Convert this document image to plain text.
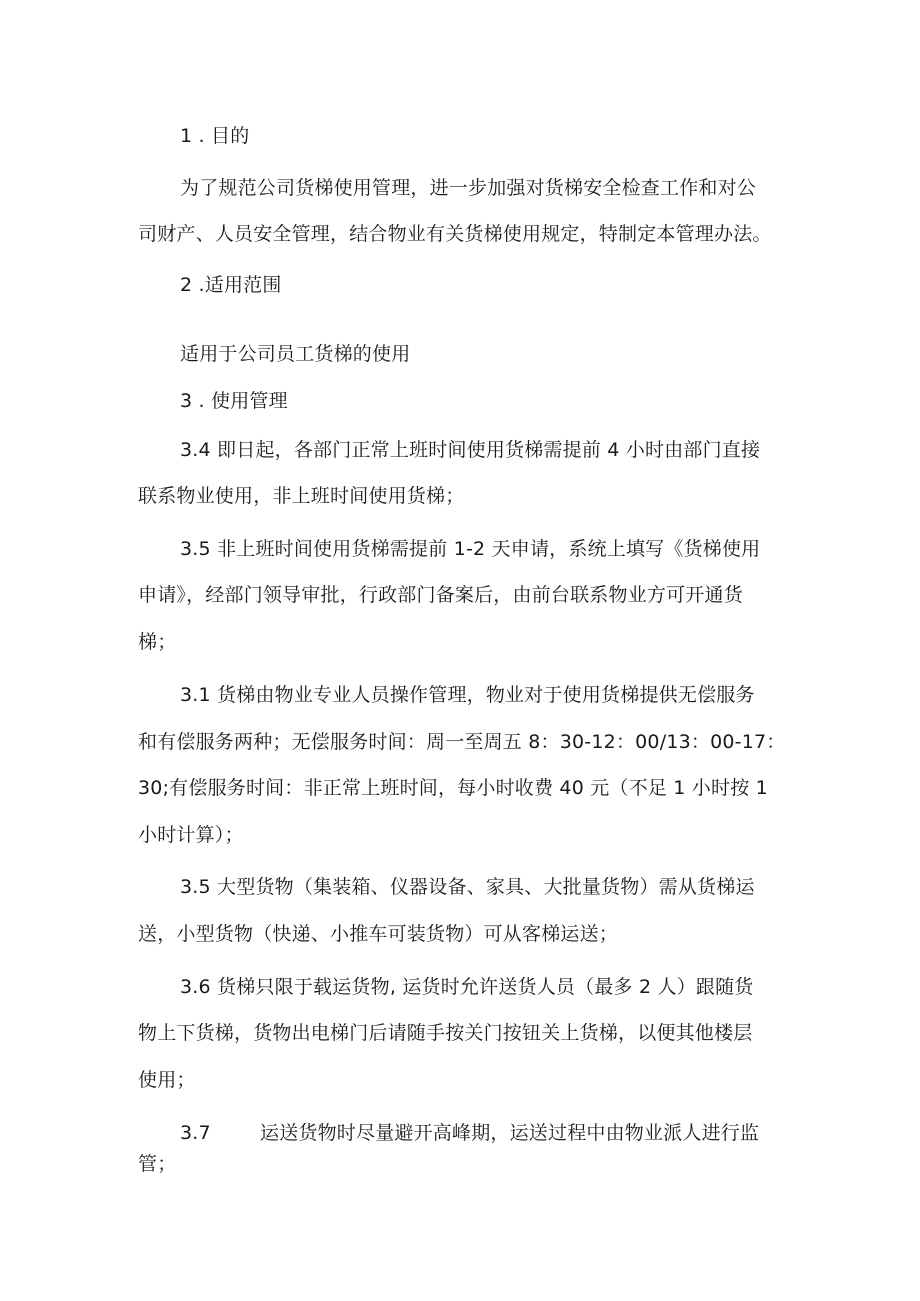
1 . 目的
为了规范公司货梯使用管理，进一步加强对货梯安全检查工作和对公
司财产、人员安全管理，结合物业有关货梯使用规定，特制定本管理办法。
2 .适用范围
适用于公司员工货梯的使用
3 . 使用管理
3.4 即日起，各部门正常上班时间使用货梯需提前 4 小时由部门直接
联系物业使用，非上班时间使用货梯；
3.5 非上班时间使用货梯需提前 1-2 天申请，系统上填写《货梯使用
申请》，经部门领导审批，行政部门备案后，由前台联系物业方可开通货
梯；
3.1 货梯由物业专业人员操作管理，物业对于使用货梯提供无偿服务
和有偿服务两种；无偿服务时间：周一至周五 8：30-12：00/13：00-17：
30;有偿服务时间：非正常上班时间，每小时收费 40 元（不足 1 小时按 1
小时计算）；
3.5 大型货物（集装箱、仪器设备、家具、大批量货物）需从货梯运
送，小型货物（快递、小推车可装货物）可从客梯运送；
3.6 货梯只限于载运货物, 运货时允许送货人员（最多 2 人）跟随货
物上下货梯，货物出电梯门后请随手按关门按钮关上货梯，以便其他楼层
使用；
3.7	运送货物时尽量避开高峰期，运送过程中由物业派人进行监
管；
